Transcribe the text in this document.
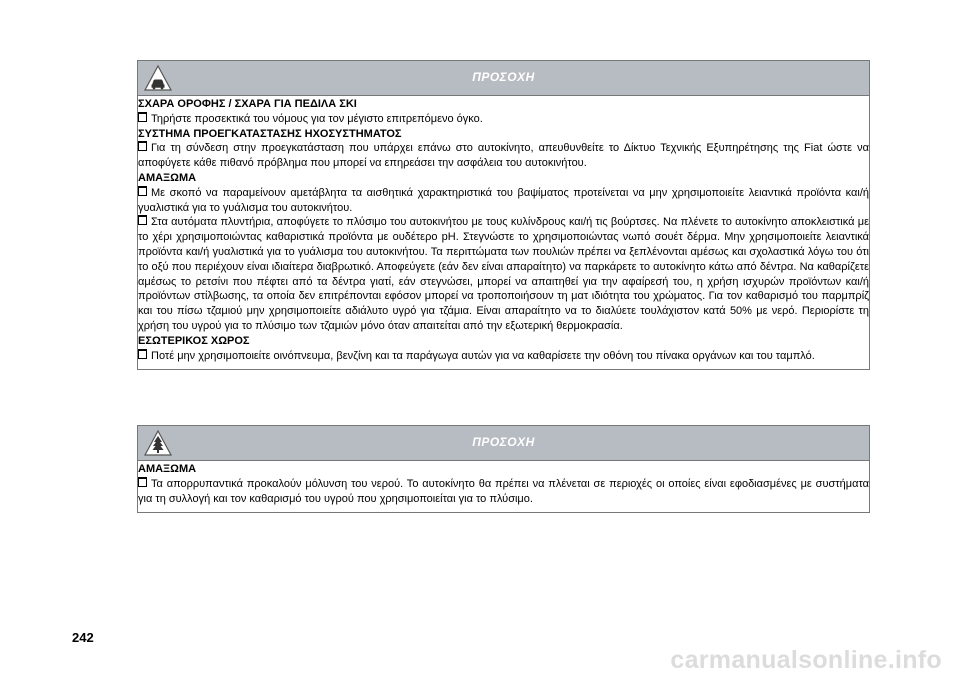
ΠΡΟΣΟΧΗ
ΣΧΑΡΑ ΟΡΟΦΗΣ / ΣΧΑΡΑ ΓΙΑ ΠΕΔΙΛΑ ΣΚΙ
Τηρήστε προσεκτικά του νόμους για τον μέγιστο επιτρεπόμενο όγκο.
ΣΥΣΤΗΜΑ ΠΡΟΕΓΚΑΤΑΣΤΑΣΗΣ ΗΧΟΣΥΣΤΗΜΑΤΟΣ
Για τη σύνδεση στην προεγκατάσταση που υπάρχει επάνω στο αυτοκίνητο, απευθυνθείτε το Δίκτυο Τεχνικής Εξυπηρέτησης της Fiat ώστε να αποφύγετε κάθε πιθανό πρόβλημα που μπορεί να επηρεάσει την ασφάλεια του αυτοκινήτου.
ΑΜΑΞΩΜΑ
Με σκοπό να παραμείνουν αμετάβλητα τα αισθητικά χαρακτηριστικά του βαψίματος προτείνεται να μην χρησιμοποιείτε λειαντικά προϊόντα και/ή γυαλιστικά για το γυάλισμα του αυτοκινήτου.
Στα αυτόματα πλυντήρια, αποφύγετε το πλύσιμο του αυτοκινήτου με τους κυλίνδρους και/ή τις βούρτσες. Να πλένετε το αυτοκίνητο αποκλειστικά με το χέρι χρησιμοποιώντας καθαριστικά προϊόντα με ουδέτερο pH. Στεγνώστε το χρησιμοποιώντας νωπό σουέτ δέρμα. Μην χρησιμοποιείτε λειαντικά προϊόντα και/ή γυαλιστικά για το γυάλισμα του αυτοκινήτου. Τα περιττώματα των πουλιών πρέπει να ξεπλένονται αμέσως και σχολαστικά λόγω του ότι το οξύ που περιέχουν είναι ιδιαίτερα διαβρωτικό. Αποφεύγετε (εάν δεν είναι απαραίτητο) να παρκάρετε το αυτοκίνητο κάτω από δέντρα. Να καθαρίζετε αμέσως το ρετσίνι που πέφτει από τα δέντρα γιατί, εάν στεγνώσει, μπορεί να απαιτηθεί για την αφαίρεσή του, η χρήση ισχυρών προϊόντων και/ή προϊόντων στίλβωσης, τα οποία δεν επιτρέπονται εφόσον μπορεί να τροποποιήσουν τη ματ ιδιότητα του χρώματος. Για τον καθαρισμό του παρμπρίζ και του πίσω τζαμιού μην χρησιμοποιείτε αδιάλυτο υγρό για τζάμια. Είναι απαραίτητο να το διαλύετε τουλάχιστον κατά 50% με νερό. Περιορίστε τη χρήση του υγρού για το πλύσιμο των τζαμιών μόνο όταν απαιτείται από την εξωτερική θερμοκρασία.
ΕΣΩΤΕΡΙΚΟΣ ΧΩΡΟΣ
Ποτέ μην χρησιμοποιείτε οινόπνευμα, βενζίνη και τα παράγωγα αυτών για να καθαρίσετε την οθόνη του πίνακα οργάνων και του ταμπλό.
ΠΡΟΣΟΧΗ
ΑΜΑΞΩΜΑ
Τα απορρυπαντικά προκαλούν μόλυνση του νερού. Το αυτοκίνητο θα πρέπει να πλένεται σε περιοχές οι οποίες είναι εφοδιασμένες με συστήματα για τη συλλογή και τον καθαρισμό του υγρού που χρησιμοποιείται για το πλύσιμο.
242
carmanualsonline.info
